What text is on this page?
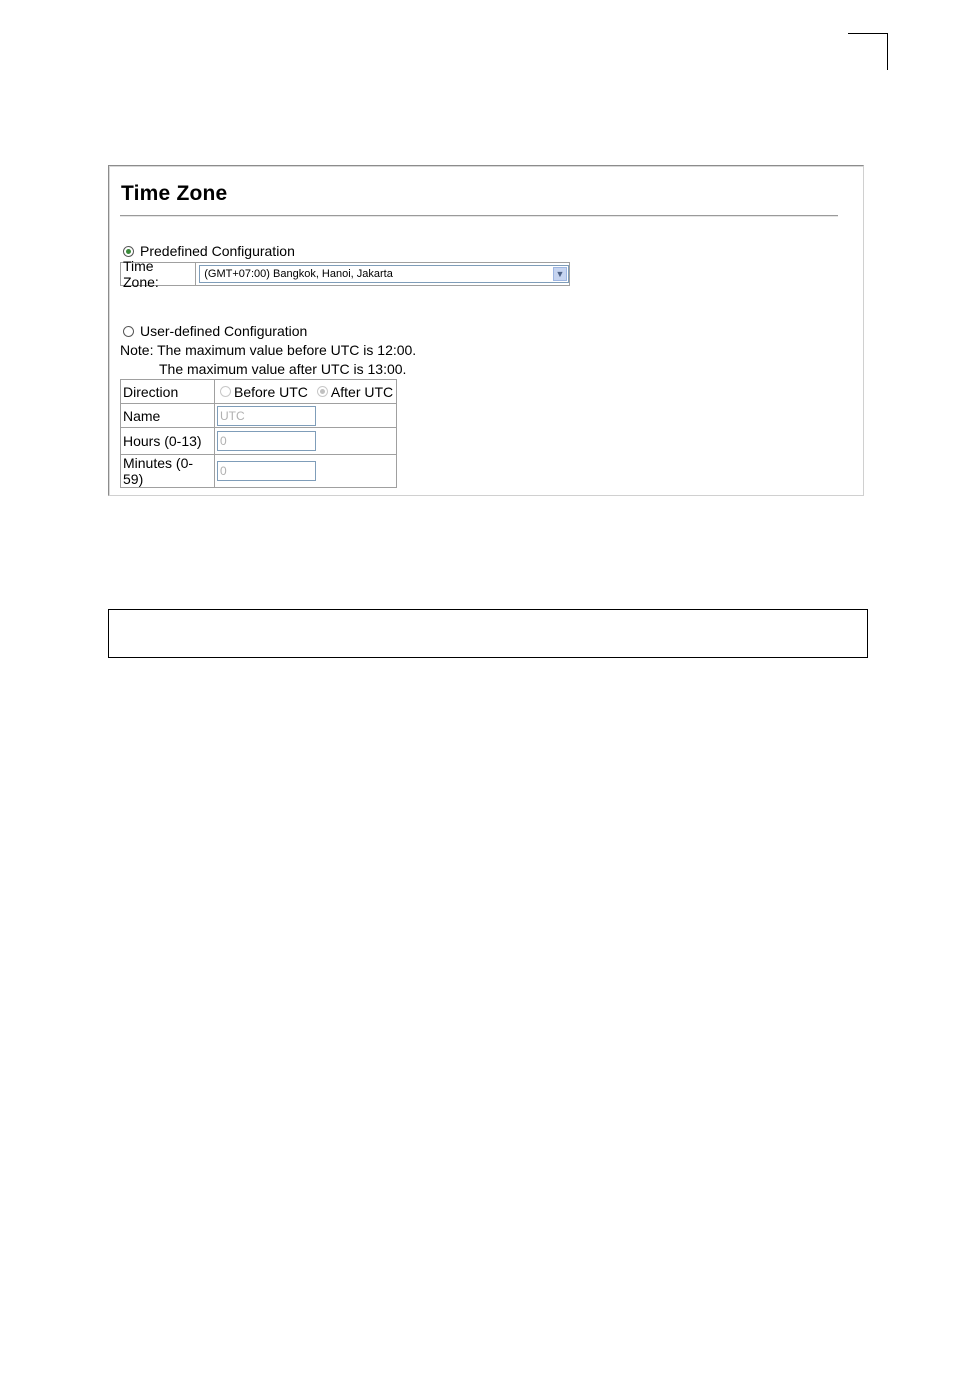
Time Zone
Predefined Configuration
Time Zone:	(GMT+07:00) Bangkok, Hanoi, Jakarta	▼
User-defined Configuration
Note: The maximum value before UTC is 12:00.
The maximum value after UTC is 13:00.
Direction	Before UTC After UTC

Name	UTC

Hours (0-13)	0

Minutes (0-59)	0
